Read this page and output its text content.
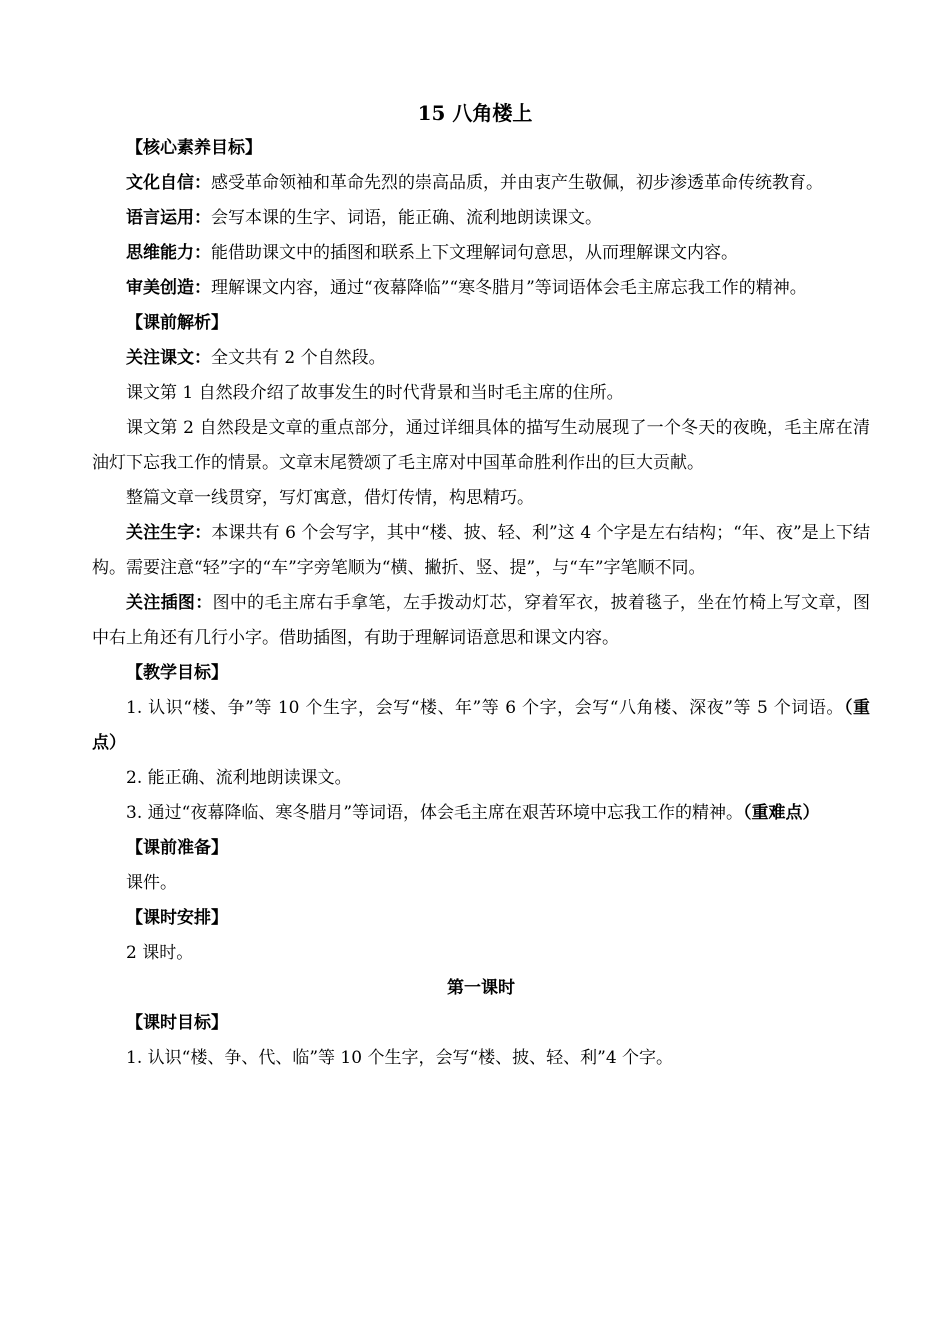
15 八角楼上

【核心素养目标】

文化自信：感受革命领袖和革命先烈的崇高品质，并由衷产生敬佩，初步渗透革命传统教育。

语言运用：会写本课的生字、词语，能正确、流利地朗读课文。

思维能力：能借助课文中的插图和联系上下文理解词句意思，从而理解课文内容。

审美创造：理解课文内容，通过“夜幕降临”“寒冬腊月”等词语体会毛主席忘我工作的精神。

【课前解析】

关注课文：全文共有 2 个自然段。

课文第 1 自然段介绍了故事发生的时代背景和当时毛主席的住所。

课文第 2 自然段是文章的重点部分，通过详细具体的描写生动展现了一个冬天的夜晚，毛主席在清油灯下忘我工作的情景。文章末尾赞颂了毛主席对中国革命胜利作出的巨大贡献。

整篇文章一线贯穿，写灯寓意，借灯传情，构思精巧。

关注生字：本课共有 6 个会写字，其中“楼、披、轻、利”这 4 个字是左右结构；“年、夜”是上下结构。需要注意“轻”字的“车”字旁笔顺为“横、撇折、竖、提”，与“车”字笔顺不同。

关注插图：图中的毛主席右手拿笔，左手拨动灯芯，穿着军衣，披着毯子，坐在竹椅上写文章，图中右上角还有几行小字。借助插图，有助于理解词语意思和课文内容。

【教学目标】

1. 认识“楼、争”等 10 个生字，会写“楼、年”等 6 个字，会写“八角楼、深夜”等 5 个词语。（重点）

2. 能正确、流利地朗读课文。

3. 通过“夜幕降临、寒冬腊月”等词语，体会毛主席在艰苦环境中忘我工作的精神。（重难点）

【课前准备】

课件。

【课时安排】

2 课时。

第一课时

【课时目标】

1. 认识“楼、争、代、临”等 10 个生字，会写“楼、披、轻、利”4 个字。
